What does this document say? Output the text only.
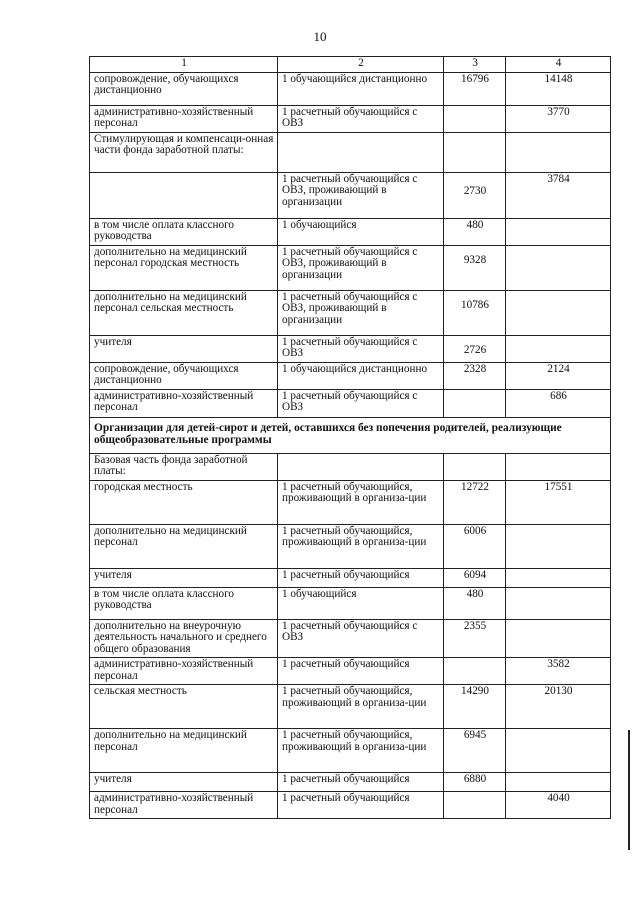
10
1	2	3	4
сопровождение, обучающихся дистанционно	1 обучающийся дистанционно	16796	14148
административно-хозяйственный персонал	1 расчетный обучающийся с ОВЗ		3770
Стимулирующая и компенсаци-онная части фонда заработной платы:			
	1 расчетный обучающийся с ОВЗ, проживающий в организации	2730	3784
в том числе оплата классного руководства	1 обучающийся	480	
дополнительно на медицинский персонал городская местность	1 расчетный обучающийся с ОВЗ, проживающий в организации	9328	
дополнительно на медицинский персонал сельская местность	1 расчетный обучающийся с ОВЗ, проживающий в организации	10786	
учителя	1 расчетный обучающийся с ОВЗ	2726	
сопровождение, обучающихся дистанционно	1 обучающийся дистанционно	2328	2124
административно-хозяйственный персонал	1 расчетный обучающийся с ОВЗ		686
Организации для детей-сирот и детей, оставшихся без попечения родителей, реализующие общеобразовательные программы			
Базовая часть фонда заработной платы:			
городская местность	1 расчетный обучающийся, проживающий в организа-ции	12722	17551
дополнительно на медицинский персонал	1 расчетный обучающийся, проживающий в организа-ции	6006	
учителя	1 расчетный обучающийся	6094	
в том числе оплата классного руководства	1 обучающийся	480	
дополнительно на внеурочную деятельность начального и среднего общего образования	1 расчетный обучающийся с ОВЗ	2355	
административно-хозяйственный персонал	1 расчетный обучающийся		3582
сельская местность	1 расчетный обучающийся, проживающий в организа-ции	14290	20130
дополнительно на медицинский персонал	1 расчетный обучающийся, проживающий в организа-ции	6945	
учителя	1 расчетный обучающийся	6880	
административно-хозяйственный персонал	1 расчетный обучающийся		4040
